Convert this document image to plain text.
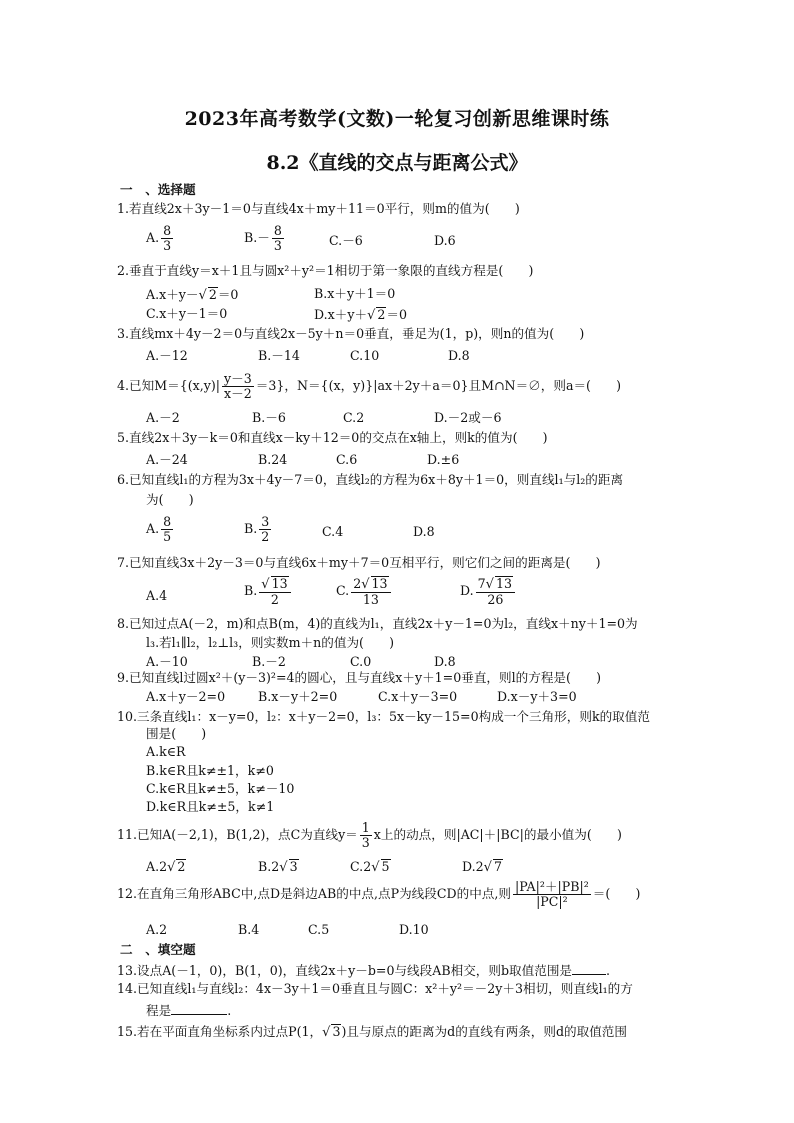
2023年高考数学(文数)一轮复习创新思维课时练
8.2《直线的交点与距离公式》
一　、选择题
1.若直线2x＋3y－1＝0与直线4x＋my＋11＝0平行，则m的值为(　　)
A. $\frac{8}{3}$	$B.- \frac{8}{3}$	C.－6	D.6
2.垂直于直线y＝x＋1且与圆x²＋y²＝1相切于第一象限的直线方程是(　　)
A.x＋y－√ 2＝0	B.x＋y＋1＝0
C.x＋y－1＝0	D.x＋y＋√ 2＝0
3.直线mx＋4y－2＝0与直线2x－5y＋n＝0垂直，垂足为(1，p)，则n的值为(　　)
A.－12	B.－14	C.10	D.8
4.已知$M=\{(x,y)| \frac{y-3}{x-2} =3\}$，N＝{(x，y)}|ax＋2y＋a＝0}且M∩N＝∅，则a＝(　　)
A.－2	B.－6	C.2	D.－2或－6
5.直线2x＋3y－k＝0和直线x－ky＋12＝0的交点在x轴上，则k的值为(　　)
A.－24	B.24	C.6	D.±6
6.已知直线l₁的方程为3x＋4y－7＝0，直线l₂的方程为6x＋8y＋1＝0，则直线l₁与l₂的距离
为(　　)
A. $\frac{8}{5}$	B. $\frac{3}{2}$	C.4	D.8
7.已知直线3x＋2y－3＝0与直线6x＋my＋7＝0互相平行，则它们之间的距离是(　　)
A.4	B. $\frac{√ 13}{2}$	C. $\frac{2√ 13}{13}$	D. $\frac{7√ 13}{26}$
8.已知过点A(－2，m)和点B(m，4)的直线为l₁，直线2x＋y－1=0为l₂，直线x＋ny＋1=0为
l₃.若l₁∥l₂，l₂⊥l₃，则实数m＋n的值为(　　)
A.－10	B.－2	C.0	D.8
9.已知直线l过圆x²＋(y－3)²=4的圆心，且与直线x＋y＋1=0垂直，则l的方程是(　　)
A.x＋y－2=0	B.x－y＋2=0	C.x＋y－3=0	D.x－y＋3=0
10.三条直线l₁：x－y=0，l₂：x＋y－2=0，l₃：5x－ky－15=0构成一个三角形，则k的取值范
围是(　　)
A.k∈R
B.k∈R且k≠±1，k≠0
C.k∈R且k≠±5，k≠－10
D.k∈R且k≠±5，k≠1
11.已知A(－2,1)，B(1,2)，点C为直线$y= \frac{1}{3}$ x上的动点，则|AC|＋|BC|的最小值为(　　)
A.2√ 2	B.2√ 3	C.2√ 5	D.2√ 7
12.在直角三角形ABC中,点D是斜边AB的中点,点P为线段CD的中点,则 $\frac{\text{|PA|²＋|PB|²}}{\text{|PC|²}}$ ＝(　　)
A.2	B.4	C.5	D.10
二　、填空题
13.设点A(－1，0)，B(1，0)，直线2x＋y－b=0与线段AB相交，则b取值范围是	.
14.已知直线l₁与直线l₂：4x－3y＋1＝0垂直且与圆C：x²＋y²＝－2y＋3相切，则直线l₁的方
程是	.
15.若在平面直角坐标系内过点P(1，√ 3)且与原点的距离为d的直线有两条，则d的取值范围
